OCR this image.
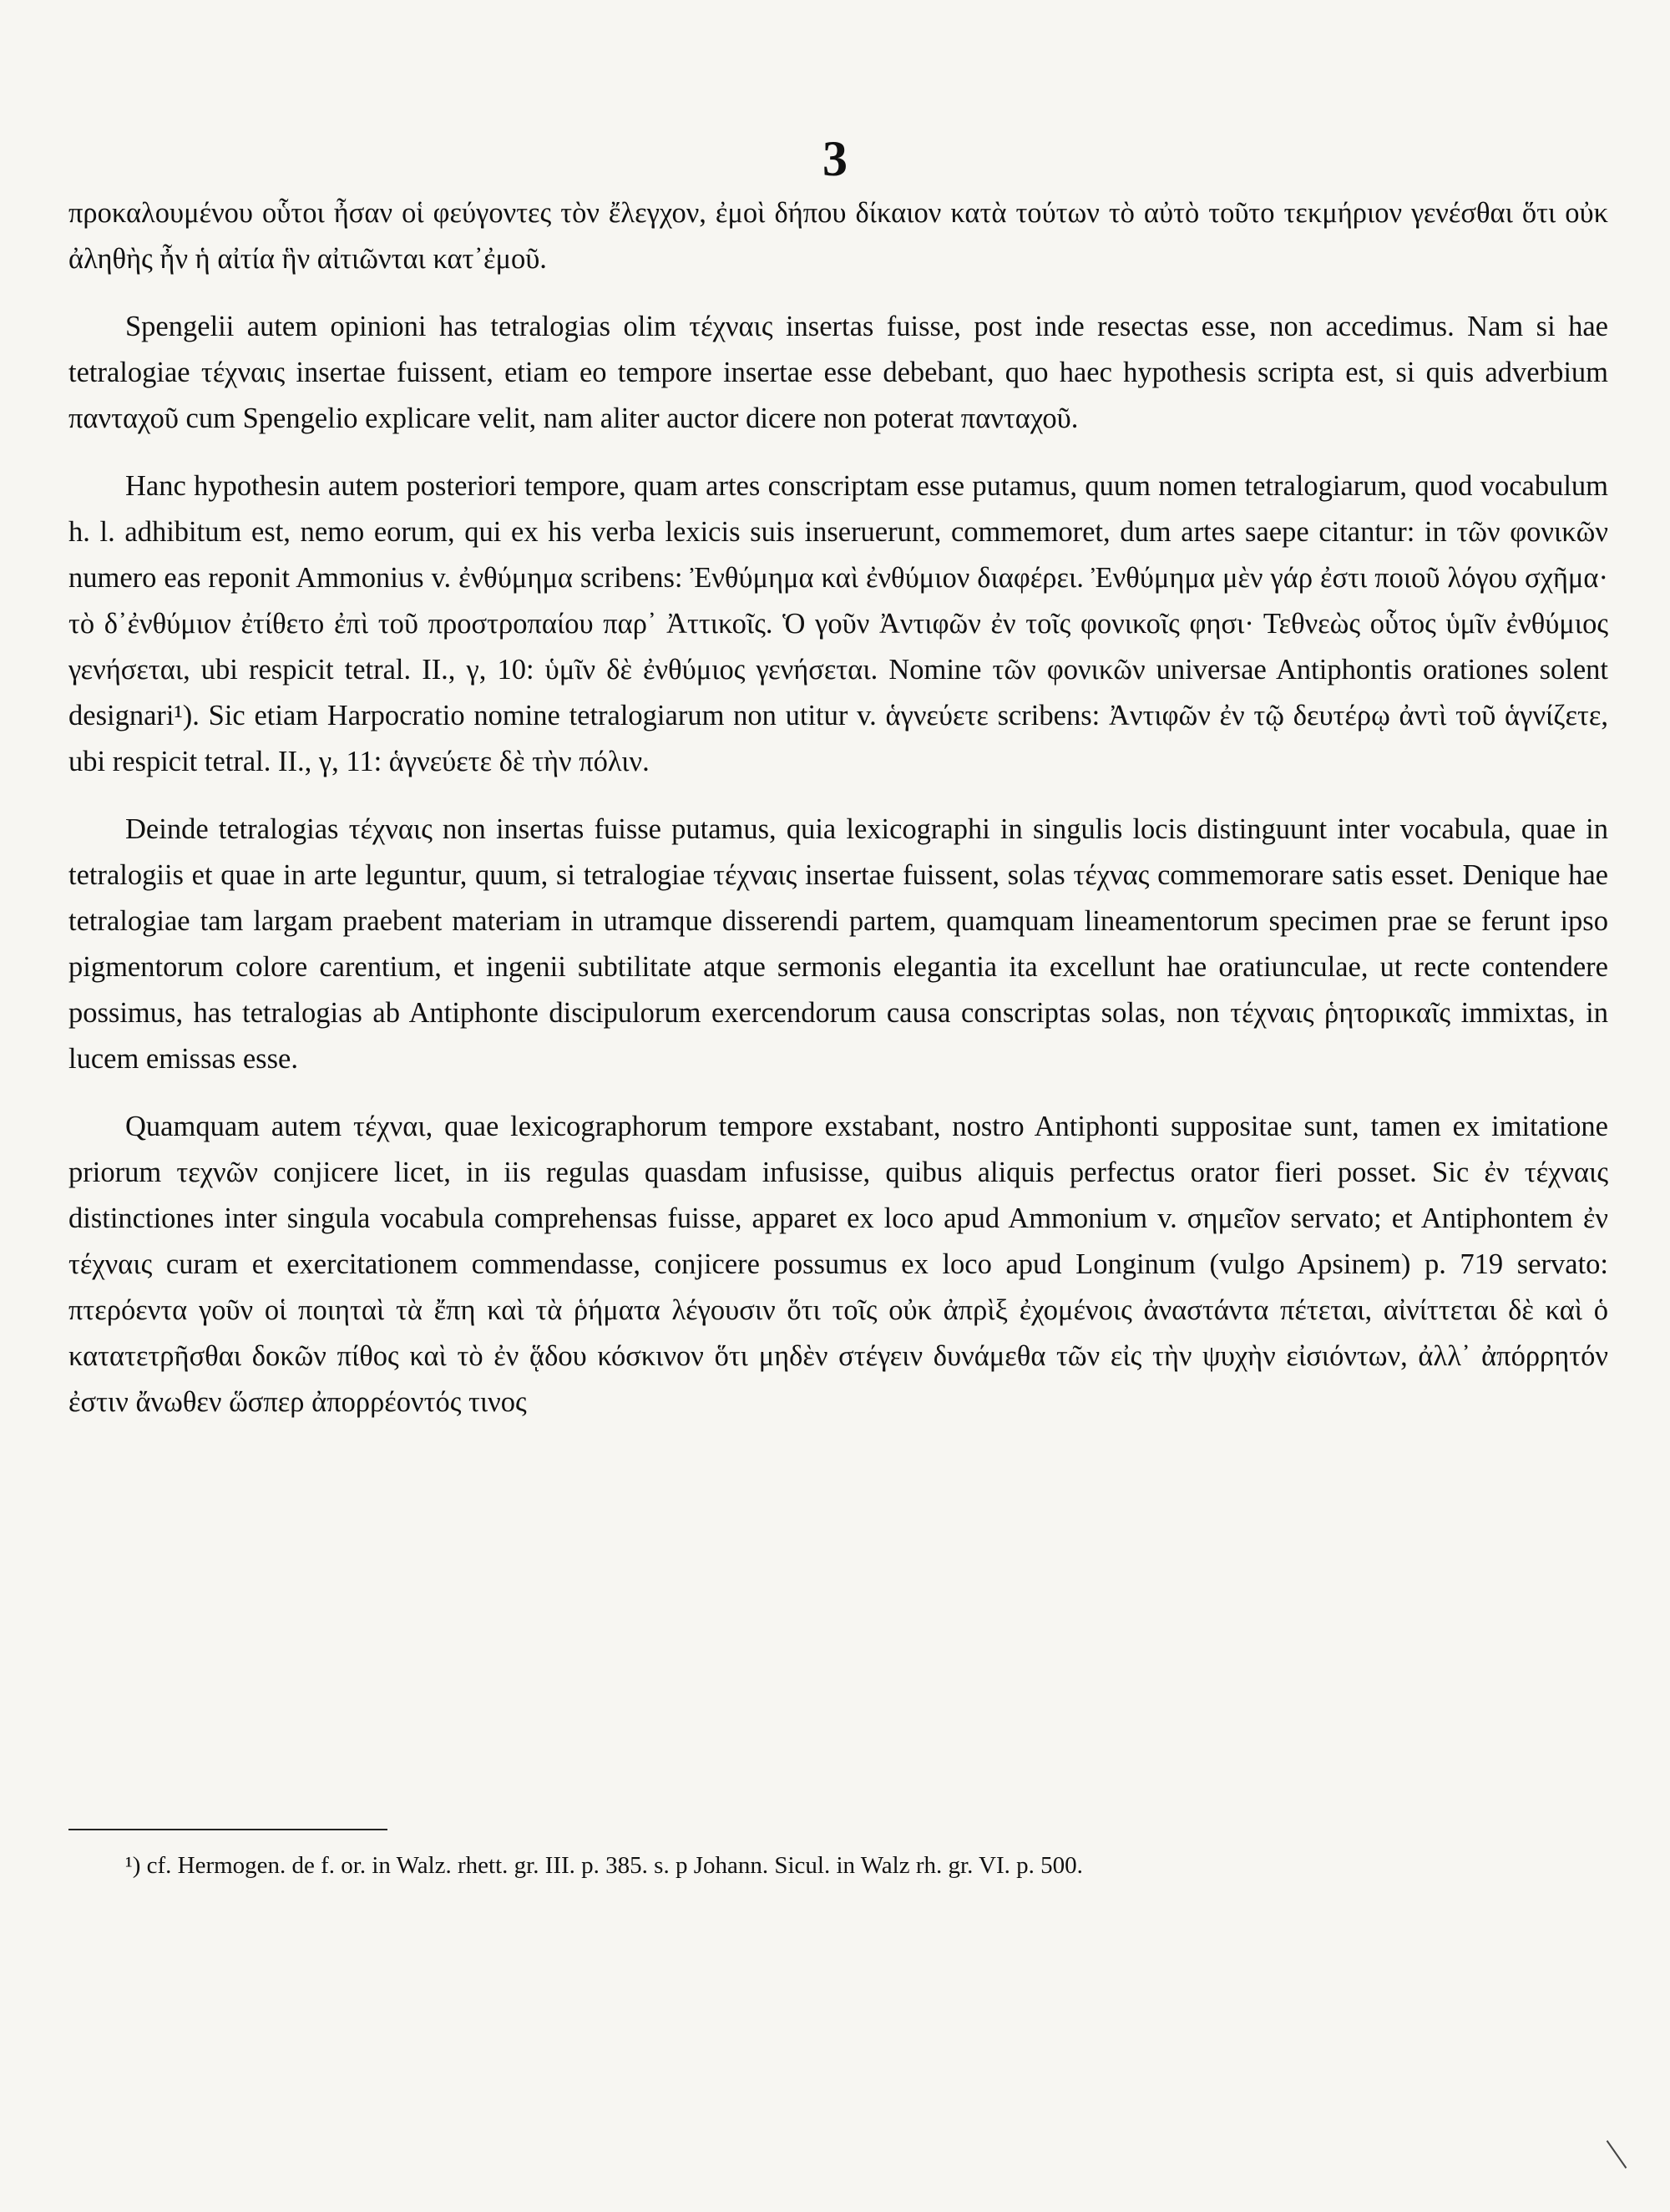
3

προκαλουμένου οὗτοι ἦσαν οἱ φεύγοντες τὸν ἔλεγχον, ἐμοὶ δήπου δίκαιον κατὰ τούτων τὸ αὐτὸ τοῦτο τεκμήριον γενέσθαι ὅτι οὐκ ἀληθὴς ἦν ἡ αἰτία ἣν αἰτιῶνται κατ᾽ἐμοῦ.

Spengelii autem opinioni has tetralogias olim τέχναις insertas fuisse, post inde resectas esse, non accedimus. Nam si hae tetralogiae τέχναις insertae fuissent, etiam eo tempore insertae esse debebant, quo haec hypothesis scripta est, si quis adverbium πανταχοῦ cum Spengelio explicare velit, nam aliter auctor dicere non poterat πανταχοῦ.

Hanc hypothesin autem posteriori tempore, quam artes conscriptam esse putamus, quum nomen tetralogiarum, quod vocabulum h. l. adhibitum est, nemo eorum, qui ex his verba lexicis suis inseruerunt, commemoret, dum artes saepe citantur: in τῶν φονικῶν numero eas reponit Ammonius v. ἐνθύμημα scribens: Ἐνθύμημα καὶ ἐνθύμιον διαφέρει. Ἐνθύμημα μὲν γάρ ἐστι ποιοῦ λόγου σχῆμα· τὸ δ᾽ἐνθύμιον ἐτίθετο ἐπὶ τοῦ προστροπαίου παρ᾽ Ἀττικοῖς. Ὁ γοῦν Ἀντιφῶν ἐν τοῖς φονικοῖς φησι· Τεθνεὼς οὗτος ὑμῖν ἐνθύμιος γενήσεται, ubi respicit tetral. II., γ, 10: ὑμῖν δὲ ἐνθύμιος γενήσεται. Nomine τῶν φονικῶν universae Antiphontis orationes solent designari¹). Sic etiam Harpocratio nomine tetralogiarum non utitur v. ἁγνεύετε scribens: Ἀντιφῶν ἐν τῷ δευτέρῳ ἀντὶ τοῦ ἁγνίζετε, ubi respicit tetral. II., γ, 11: ἁγνεύετε δὲ τὴν πόλιν.

Deinde tetralogias τέχναις non insertas fuisse putamus, quia lexicographi in singulis locis distinguunt inter vocabula, quae in tetralogiis et quae in arte leguntur, quum, si tetralogiae τέχναις insertae fuissent, solas τέχνας commemorare satis esset. Denique hae tetralogiae tam largam praebent materiam in utramque disserendi partem, quamquam lineamentorum specimen prae se ferunt ipso pigmentorum colore carentium, et ingenii subtilitate atque sermonis elegantia ita excellunt hae oratiunculae, ut recte contendere possimus, has tetralogias ab Antiphonte discipulorum exercendorum causa conscriptas solas, non τέχναις ῥητορικαῖς immixtas, in lucem emissas esse.

Quamquam autem τέχναι, quae lexicographorum tempore exstabant, nostro Antiphonti suppositae sunt, tamen ex imitatione priorum τεχνῶν conjicere licet, in iis regulas quasdam infusisse, quibus aliquis perfectus orator fieri posset. Sic ἐν τέχναις distinctiones inter singula vocabula comprehensas fuisse, apparet ex loco apud Ammonium v. σημεῖον servato; et Antiphontem ἐν τέχναις curam et exercitationem commendasse, conjicere possumus ex loco apud Longinum (vulgo Apsinem) p. 719 servato: πτερόεντα γοῦν οἱ ποιηταὶ τὰ ἔπη καὶ τὰ ῥήματα λέγουσιν ὅτι τοῖς οὐκ ἀπρὶξ ἐχομένοις ἀναστάντα πέτεται, αἰνίττεται δὲ καὶ ὁ κατατετρῆσθαι δοκῶν πίθος καὶ τὸ ἐν ᾅδου κόσκινον ὅτι μηδὲν στέγειν δυνάμεθα τῶν εἰς τὴν ψυχὴν εἰσιόντων, ἀλλ᾽ ἀπόρρητόν ἐστιν ἄνωθεν ὥσπερ ἀπορρέοντός τινος

¹) cf. Hermogen. de f. or. in Walz. rhett. gr. III. p. 385. s. p Johann. Sicul. in Walz rh. gr. VI. p. 500.
